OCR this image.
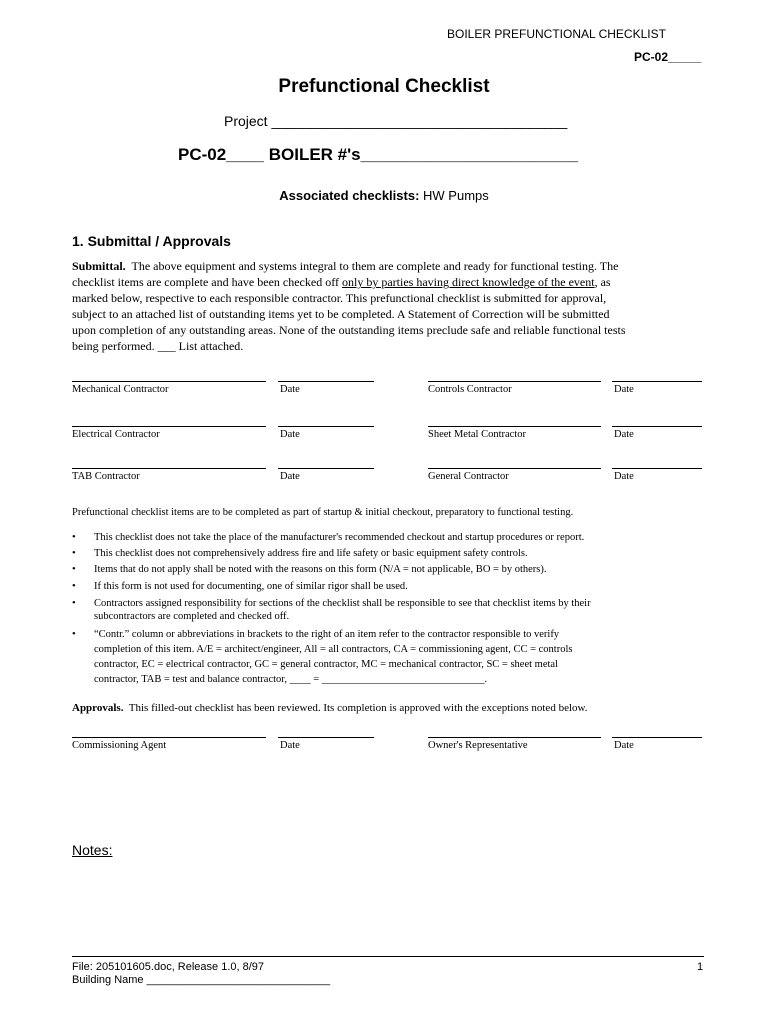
BOILER PREFUNCTIONAL CHECKLIST
PC-02_____
Prefunctional Checklist
Project ______________________________________
PC-02____ BOILER #'s_______________________
Associated checklists: HW Pumps
1. Submittal / Approvals
Submittal. The above equipment and systems integral to them are complete and ready for functional testing. The
checklist items are complete and have been checked off only by parties having direct knowledge of the event, as
marked below, respective to each responsible contractor. This prefunctional checklist is submitted for approval,
subject to an attached list of outstanding items yet to be completed. A Statement of Correction will be submitted
upon completion of any outstanding areas. None of the outstanding items preclude safe and reliable functional tests
being performed. ___ List attached.
Mechanical Contractor	Date	Controls Contractor	Date
Electrical Contractor	Date	Sheet Metal Contractor	Date
TAB Contractor	Date	General Contractor	Date
Prefunctional checklist items are to be completed as part of startup & initial checkout, preparatory to functional testing.
• This checklist does not take the place of the manufacturer's recommended checkout and startup procedures or report.
• This checklist does not comprehensively address fire and life safety or basic equipment safety controls.
• Items that do not apply shall be noted with the reasons on this form (N/A = not applicable, BO = by others).
• If this form is not used for documenting, one of similar rigor shall be used.
• Contractors assigned responsibility for sections of the checklist shall be responsible to see that checklist items by their
subcontractors are completed and checked off.
• “Contr.” column or abbreviations in brackets to the right of an item refer to the contractor responsible to verify
completion of this item. A/E = architect/engineer, All = all contractors, CA = commissioning agent, CC = controls
contractor, EC = electrical contractor, GC = general contractor, MC = mechanical contractor, SC = sheet metal
contractor, TAB = test and balance contractor, ____ = _______________________________.
Approvals. This filled-out checklist has been reviewed. Its completion is approved with the exceptions noted below.
Commissioning Agent	Date	Owner's Representative	Date
Notes:
File: 205101605.doc, Release 1.0, 8/97	1
Building Name ______________________________
